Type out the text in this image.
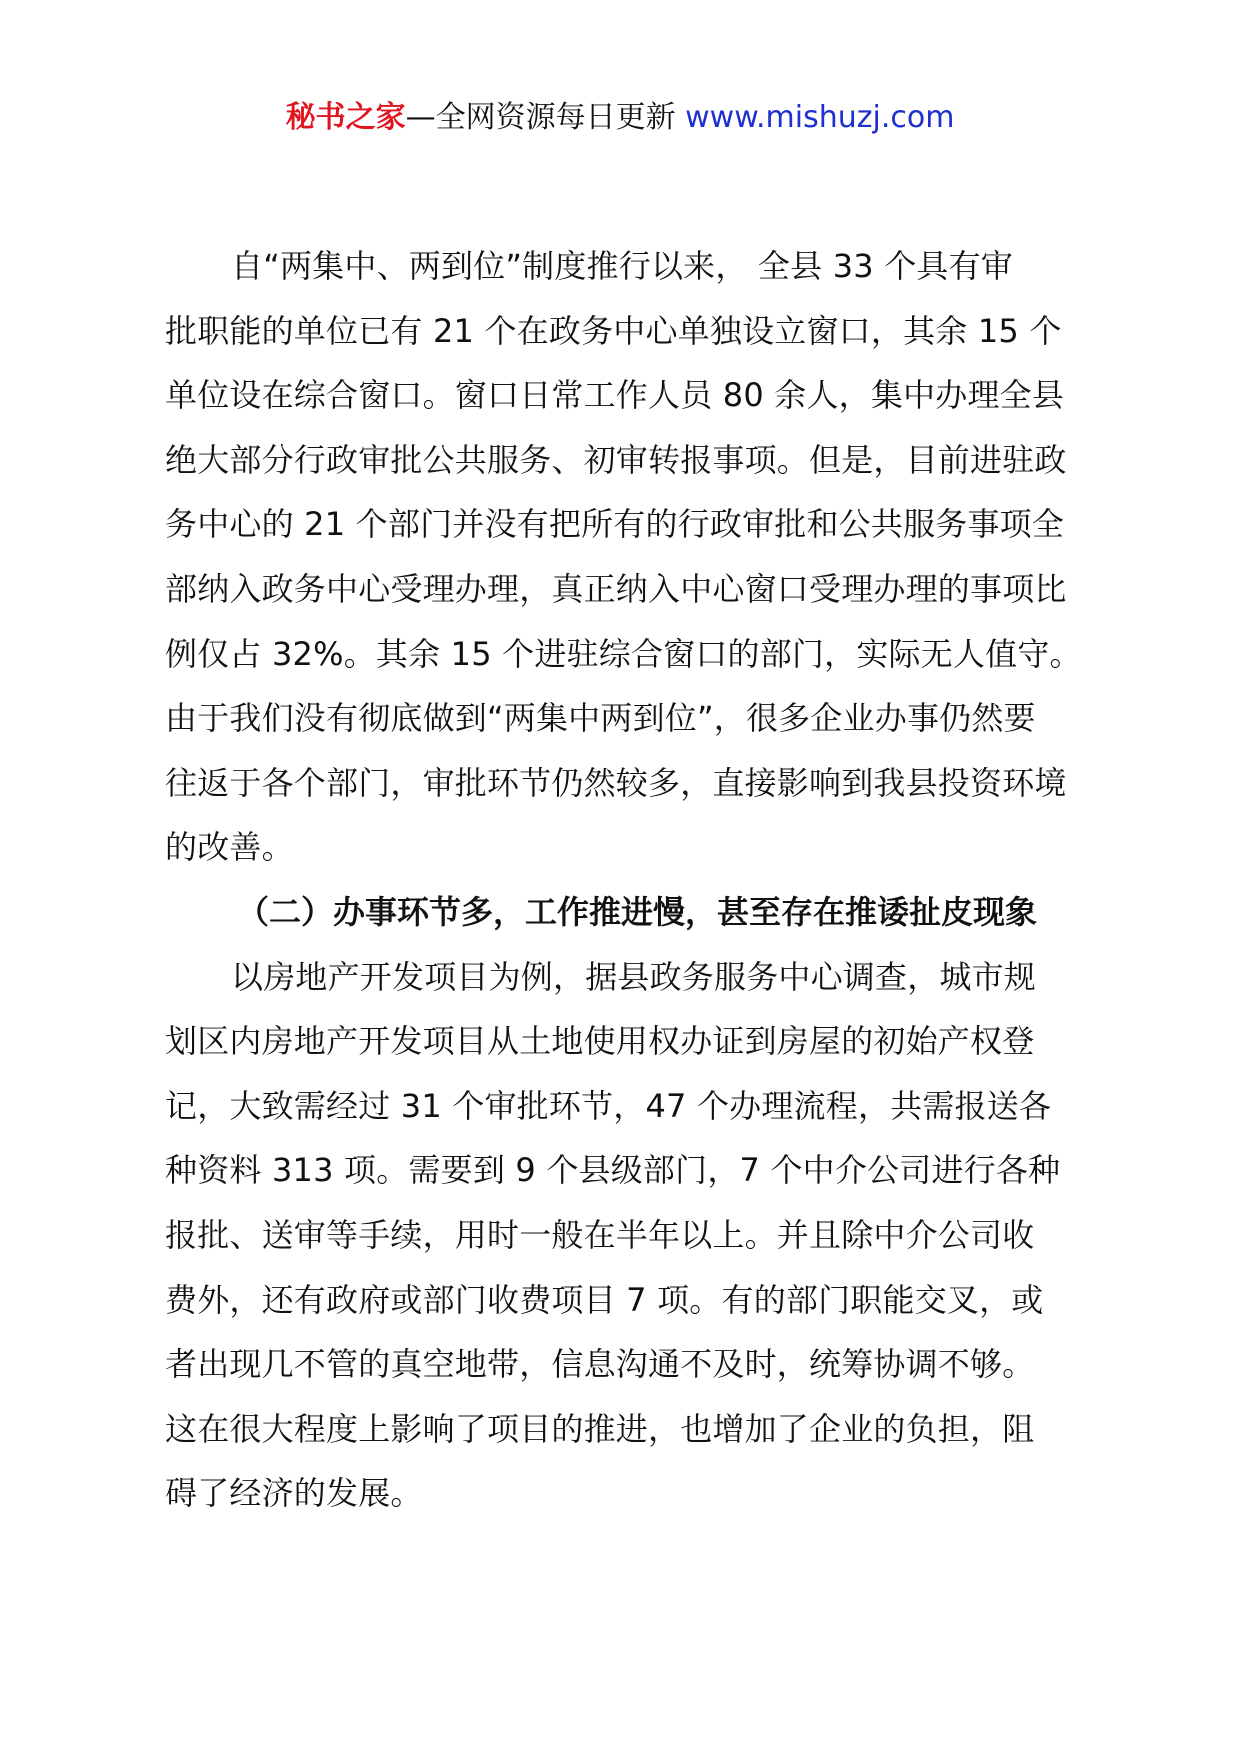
秘书之家—全网资源每日更新 www.mishuzj.com
自“两集中、两到位”制度推行以来， 全县 33 个具有审
批职能的单位已有 21 个在政务中心单独设立窗口，其余 15 个
单位设在综合窗口。窗口日常工作人员 80 余人，集中办理全县
绝大部分行政审批公共服务、初审转报事项。但是，目前进驻政
务中心的 21 个部门并没有把所有的行政审批和公共服务事项全
部纳入政务中心受理办理，真正纳入中心窗口受理办理的事项比
例仅占 32%。其余 15 个进驻综合窗口的部门，实际无人值守。
由于我们没有彻底做到“两集中两到位”，很多企业办事仍然要
往返于各个部门，审批环节仍然较多，直接影响到我县投资环境
的改善。
（二）办事环节多，工作推进慢，甚至存在推诿扯皮现象
以房地产开发项目为例，据县政务服务中心调查，城市规
划区内房地产开发项目从土地使用权办证到房屋的初始产权登
记，大致需经过 31 个审批环节，47 个办理流程，共需报送各
种资料 313 项。需要到 9 个县级部门，7 个中介公司进行各种
报批、送审等手续，用时一般在半年以上。并且除中介公司收
费外，还有政府或部门收费项目 7 项。有的部门职能交叉，或
者出现几不管的真空地带，信息沟通不及时，统筹协调不够。
这在很大程度上影响了项目的推进，也增加了企业的负担，阻
碍了经济的发展。
